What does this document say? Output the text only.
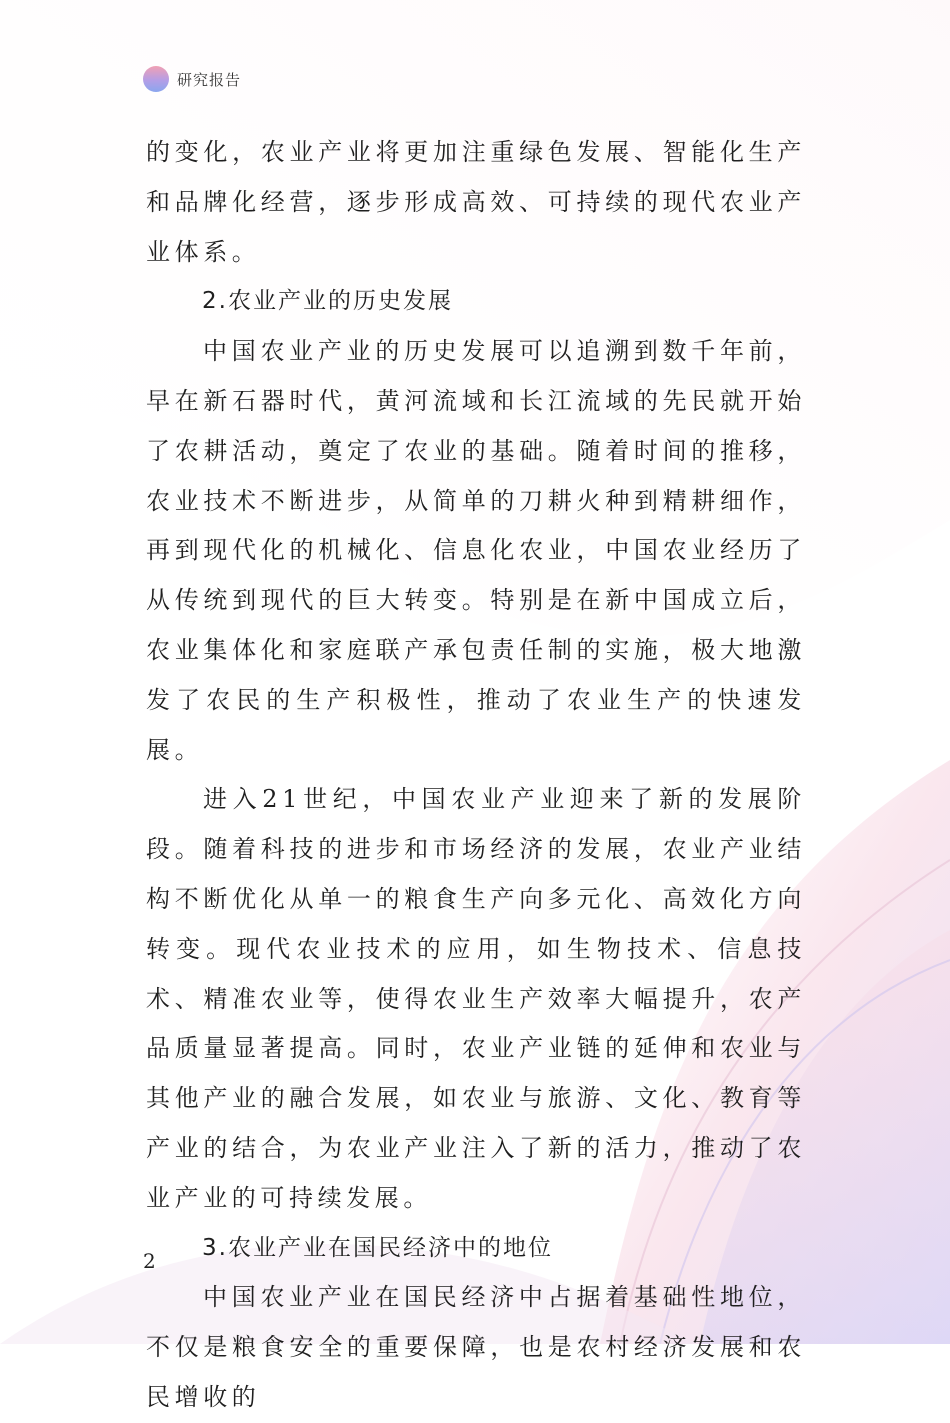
研究报告

的变化，农业产业将更加注重绿色发展、智能化生产和品牌化经营，逐步形成高效、可持续的现代农业产业体系。

2.农业产业的历史发展

中国农业产业的历史发展可以追溯到数千年前，早在新石器时代，黄河流域和长江流域的先民就开始了农耕活动，奠定了农业的基础。随着时间的推移，农业技术不断进步，从简单的刀耕火种到精耕细作，再到现代化的机械化、信息化农业，中国农业经历了从传统到现代的巨大转变。特别是在新中国成立后，农业集体化和家庭联产承包责任制的实施，极大地激发了农民的生产积极性，推动了农业生产的快速发展。

进入21世纪，中国农业产业迎来了新的发展阶段。随着科技的进步和市场经济的发展，农业产业结构不断优化从单一的粮食生产向多元化、高效化方向转变。现代农业技术的应用，如生物技术、信息技术、精准农业等，使得农业生产效率大幅提升，农产品质量显著提高。同时，农业产业链的延伸和农业与其他产业的融合发展，如农业与旅游、文化、教育等产业的结合，为农业产业注入了新的活力，推动了农业产业的可持续发展。

3.农业产业在国民经济中的地位

中国农业产业在国民经济中占据着基础性地位，不仅是粮食安全的重要保障，也是农村经济发展和农民增收的

2
